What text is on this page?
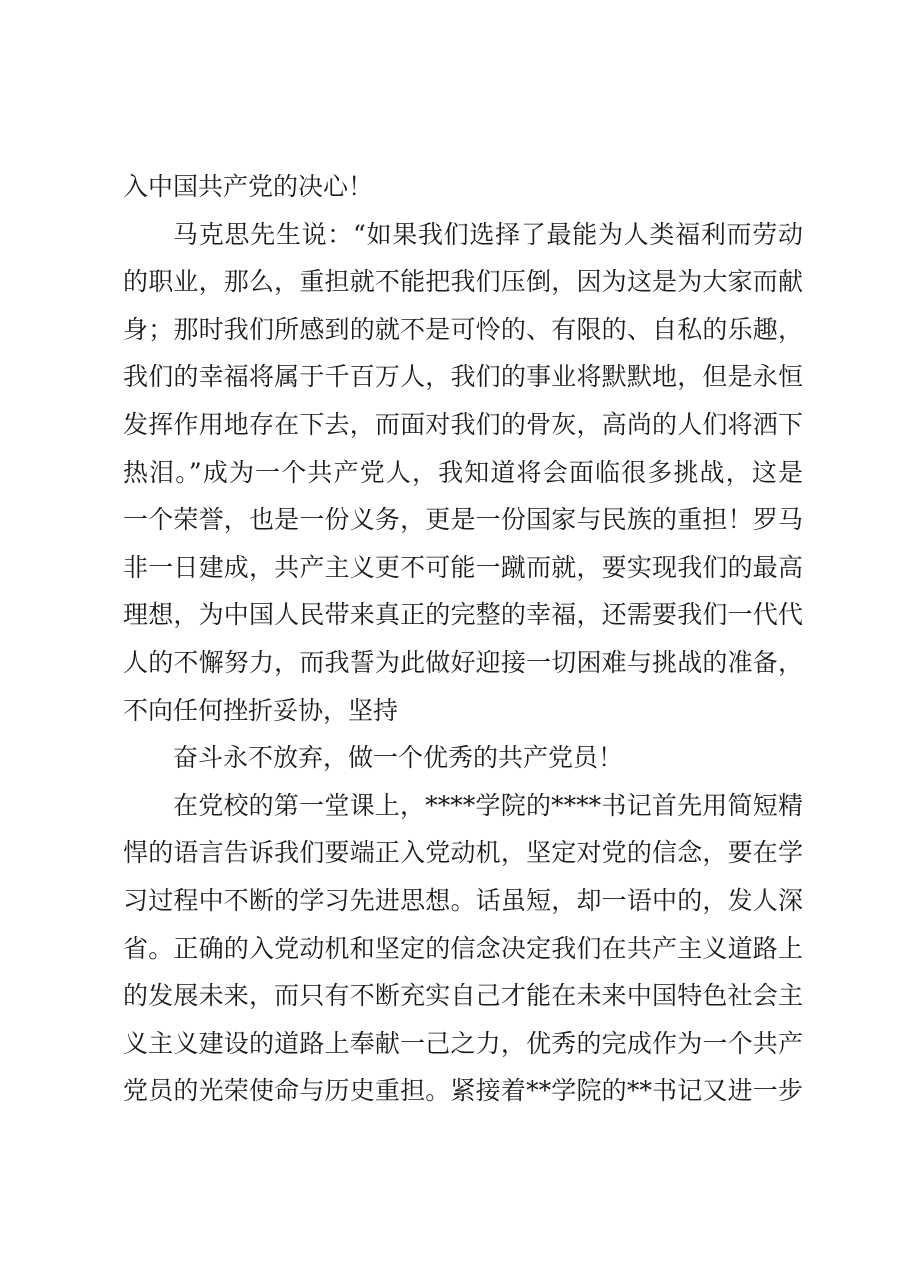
入中国共产党的决心！
马克思先生说：“如果我们选择了最能为人类福利而劳动
的职业，那么，重担就不能把我们压倒，因为这是为大家而献
身；那时我们所感到的就不是可怜的、有限的、自私的乐趣，
我们的幸福将属于千百万人，我们的事业将默默地，但是永恒
发挥作用地存在下去，而面对我们的骨灰，高尚的人们将洒下
热泪。”成为一个共产党人，我知道将会面临很多挑战，这是
一个荣誉，也是一份义务，更是一份国家与民族的重担！罗马
非一日建成，共产主义更不可能一蹴而就，要实现我们的最高
理想，为中国人民带来真正的完整的幸福，还需要我们一代代
人的不懈努力，而我誓为此做好迎接一切困难与挑战的准备，
不向任何挫折妥协，坚持
奋斗永不放弃，做一个优秀的共产党员！
在党校的第一堂课上，****学院的****书记首先用简短精
悍的语言告诉我们要端正入党动机，坚定对党的信念，要在学
习过程中不断的学习先进思想。话虽短，却一语中的，发人深
省。正确的入党动机和坚定的信念决定我们在共产主义道路上
的发展未来，而只有不断充实自己才能在未来中国特色社会主
义主义建设的道路上奉献一己之力，优秀的完成作为一个共产
党员的光荣使命与历史重担。紧接着**学院的**书记又进一步
